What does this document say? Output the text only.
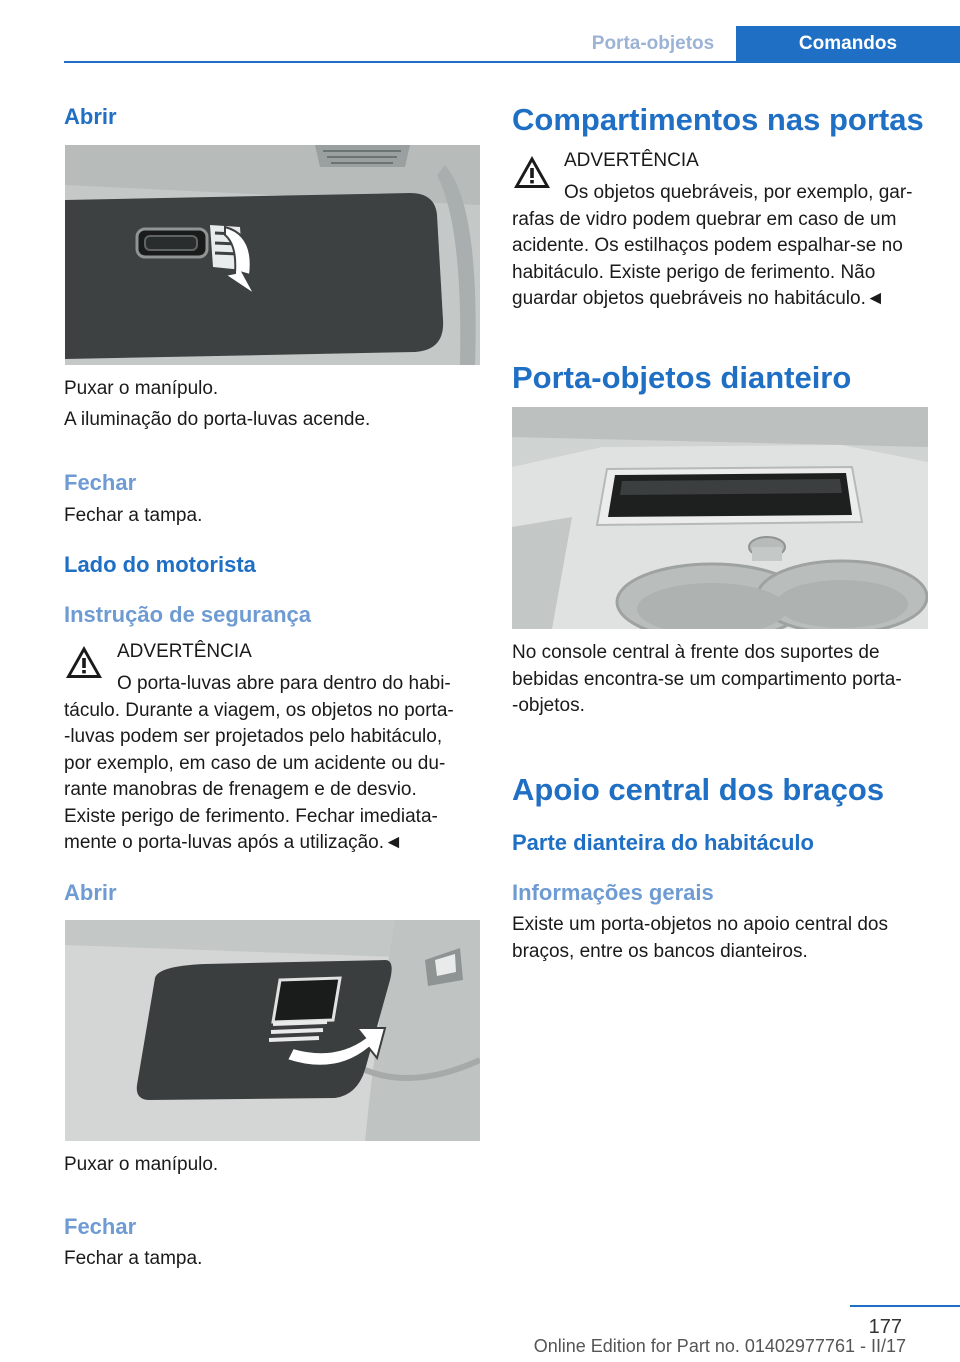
Porta-objetos	Comandos
Abrir
Puxar o manípulo.
A iluminação do porta-luvas acende.
Fechar
Fechar a tampa.
Lado do motorista
Instrução de segurança
ADVERTÊNCIA
O porta-luvas abre para dentro do habi-
táculo. Durante a viagem, os objetos no porta-
-luvas podem ser projetados pelo habitáculo,
por exemplo, em caso de um acidente ou du-
rante manobras de frenagem e de desvio.
Existe perigo de ferimento. Fechar imediata-
mente o porta-luvas após a utilização.◄
Abrir
Puxar o manípulo.
Fechar
Fechar a tampa.
Compartimentos nas portas
ADVERTÊNCIA
Os objetos quebráveis, por exemplo, gar-
rafas de vidro podem quebrar em caso de um
acidente. Os estilhaços podem espalhar-se no
habitáculo. Existe perigo de ferimento. Não
guardar objetos quebráveis no habitáculo.◄
Porta-objetos dianteiro
No console central à frente dos suportes de
bebidas encontra-se um compartimento porta-
-objetos.
Apoio central dos braços
Parte dianteira do habitáculo
Informações gerais
Existe um porta-objetos no apoio central dos
braços, entre os bancos dianteiros.
177
Online Edition for Part no. 01402977761 - II/17
